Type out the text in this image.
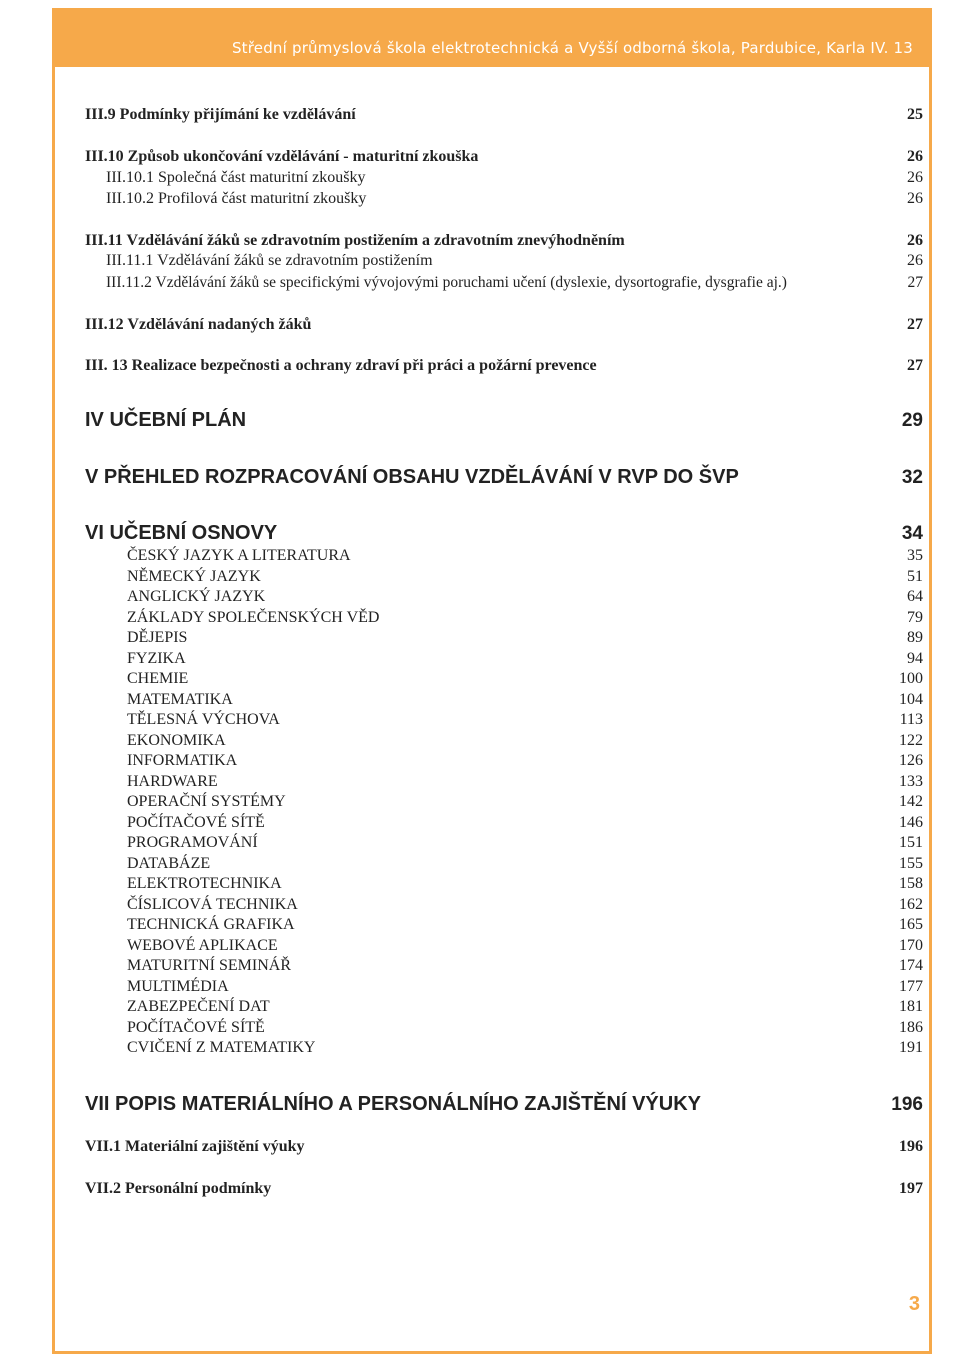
Střední průmyslová škola elektrotechnická a Vyšší odborná škola, Pardubice, Karla IV. 13
III.9 Podmínky přijímání ke vzdělávání	25
III.10 Způsob ukončování vzdělávání - maturitní zkouška	26
III.10.1 Společná část maturitní zkoušky	26
III.10.2 Profilová část maturitní zkoušky	26
III.11 Vzdělávání žáků se zdravotním postižením a zdravotním znevýhodněním	26
III.11.1 Vzdělávání žáků se zdravotním postižením	26
III.11.2 Vzdělávání žáků se specifickými vývojovými poruchami učení (dyslexie, dysortografie, dysgrafie aj.)	27
III.12 Vzdělávání nadaných žáků	27
III. 13 Realizace bezpečnosti a ochrany zdraví při práci a požární prevence	27
IV UČEBNÍ PLÁN	29
V PŘEHLED ROZPRACOVÁNÍ OBSAHU VZDĚLÁVÁNÍ V RVP DO ŠVP	32
VI UČEBNÍ OSNOVY	34
ČESKÝ JAZYK A LITERATURA	35
NĚMECKÝ JAZYK	51
ANGLICKÝ JAZYK	64
ZÁKLADY SPOLEČENSKÝCH VĚD	79
DĚJEPIS	89
FYZIKA	94
CHEMIE	100
MATEMATIKA	104
TĚLESNÁ VÝCHOVA	113
EKONOMIKA	122
INFORMATIKA	126
HARDWARE	133
OPERAČNÍ SYSTÉMY	142
POČÍTAČOVÉ SÍTĚ	146
PROGRAMOVÁNÍ	151
DATABÁZE	155
ELEKTROTECHNIKA	158
ČÍSLICOVÁ TECHNIKA	162
TECHNICKÁ GRAFIKA	165
WEBOVÉ APLIKACE	170
MATURITNÍ SEMINÁŘ	174
MULTIMÉDIA	177
ZABEZPEČENÍ DAT	181
POČÍTAČOVÉ SÍTĚ	186
CVIČENÍ Z MATEMATIKY	191
VII POPIS MATERIÁLNÍHO A PERSONÁLNÍHO ZAJIŠTĚNÍ VÝUKY	196
VII.1 Materiální zajištění výuky	196
VII.2 Personální podmínky	197
3
